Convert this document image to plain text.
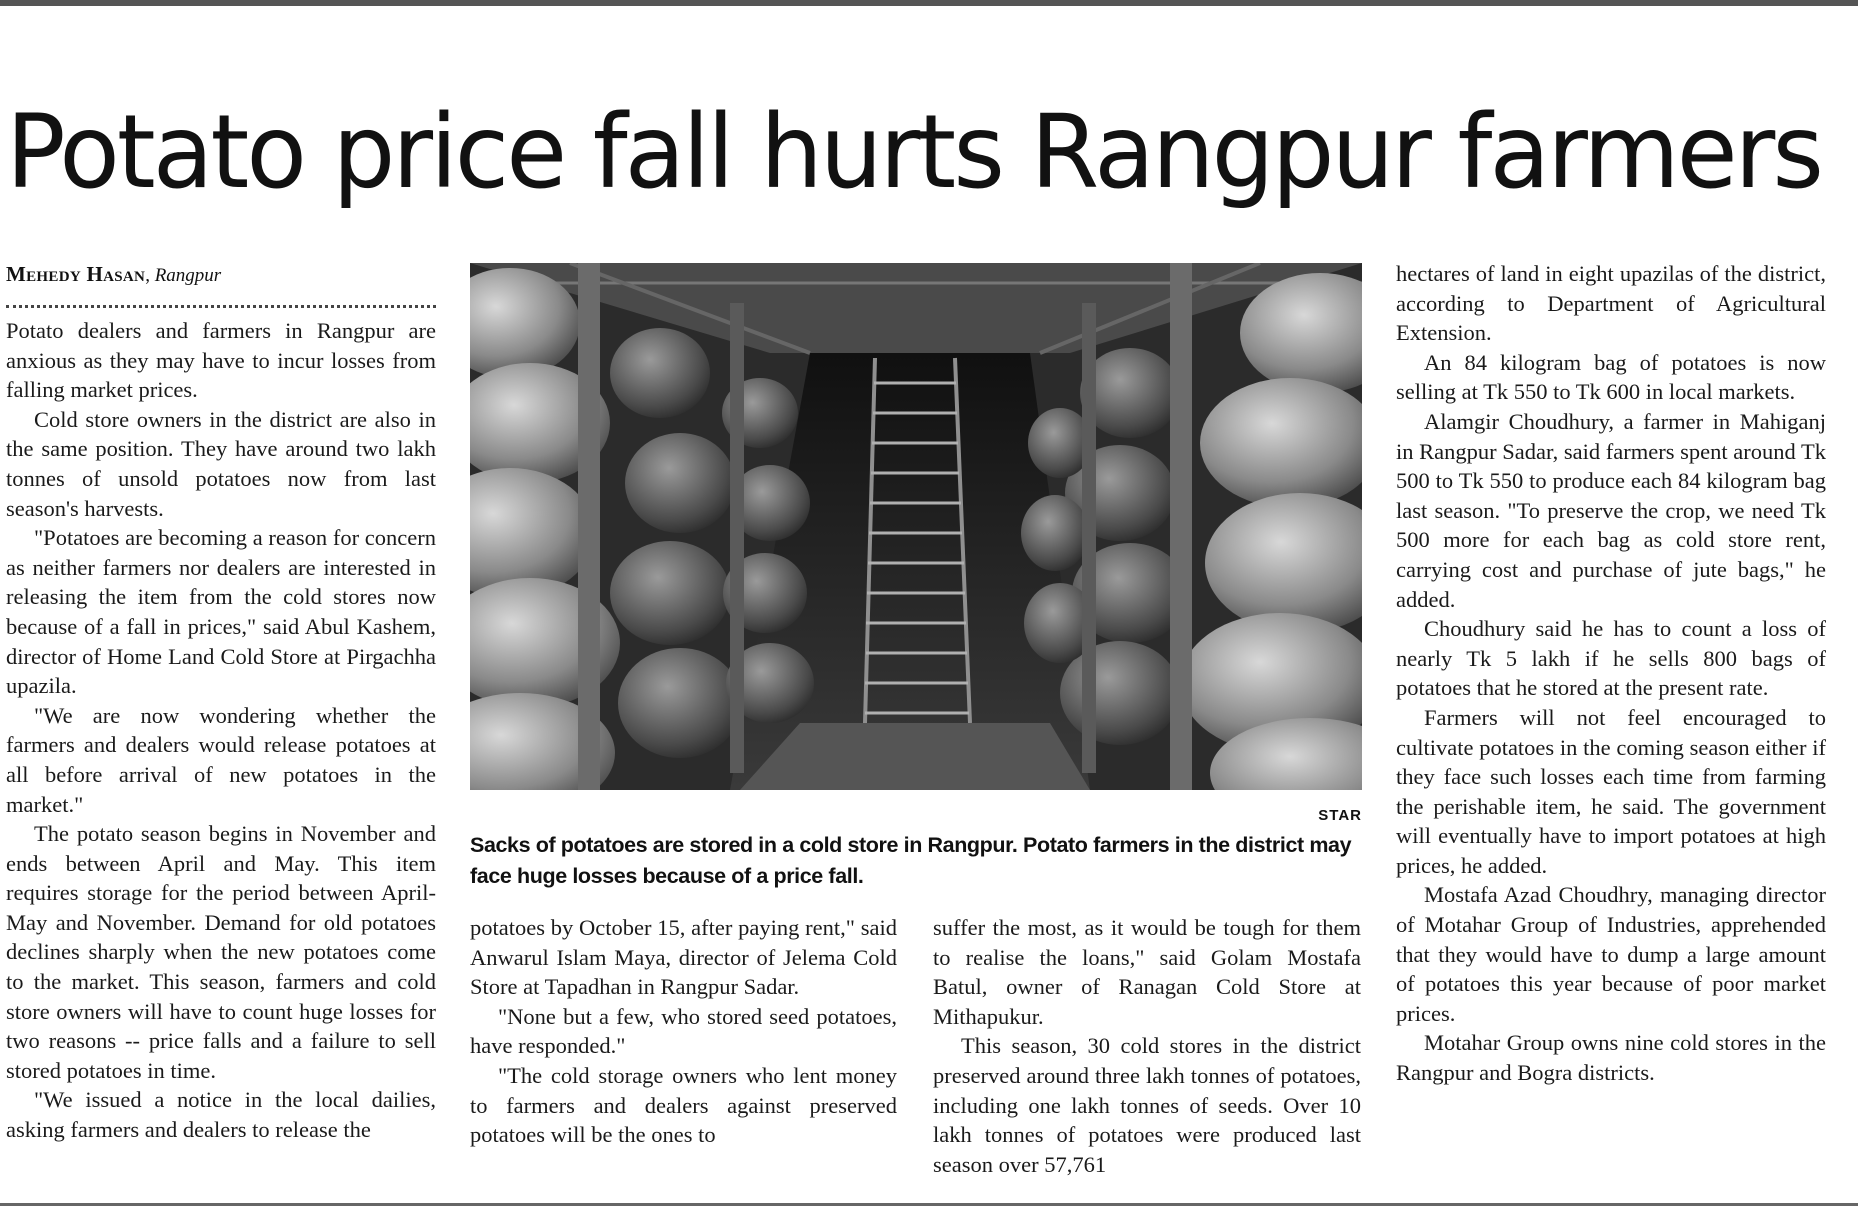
Potato price fall hurts Rangpur farmers
Mehedy Hasan, Rangpur

Potato dealers and farmers in Rangpur are anxious as they may have to incur losses from falling market prices.

Cold store owners in the district are also in the same position. They have around two lakh tonnes of unsold potatoes now from last season's harvests.

"Potatoes are becoming a reason for concern as neither farmers nor dealers are interested in releasing the item from the cold stores now because of a fall in prices," said Abul Kashem, director of Home Land Cold Store at Pirgachha upazila.

"We are now wondering whether the farmers and dealers would release potatoes at all before arrival of new potatoes in the market."

The potato season begins in November and ends between April and May. This item requires storage for the period between April-May and November. Demand for old potatoes declines sharply when the new potatoes come to the market. This season, farmers and cold store owners will have to count huge losses for two reasons -- price falls and a failure to sell stored potatoes in time.

"We issued a notice in the local dailies, asking farmers and dealers to release the

STAR
Sacks of potatoes are stored in a cold store in Rangpur. Potato farmers in the district may face huge losses because of a price fall.

potatoes by October 15, after paying rent," said Anwarul Islam Maya, director of Jelema Cold Store at Tapadhan in Rangpur Sadar.

"None but a few, who stored seed potatoes, have responded."

"The cold storage owners who lent money to farmers and dealers against preserved potatoes will be the ones to

suffer the most, as it would be tough for them to realise the loans," said Golam Mostafa Batul, owner of Ranagan Cold Store at Mithapukur.

This season, 30 cold stores in the district preserved around three lakh tonnes of potatoes, including one lakh tonnes of seeds. Over 10 lakh tonnes of potatoes were produced last season over 57,761

hectares of land in eight upazilas of the district, according to Department of Agricultural Extension.

An 84 kilogram bag of potatoes is now selling at Tk 550 to Tk 600 in local markets.

Alamgir Choudhury, a farmer in Mahiganj in Rangpur Sadar, said farmers spent around Tk 500 to Tk 550 to produce each 84 kilogram bag last season. "To preserve the crop, we need Tk 500 more for each bag as cold store rent, carrying cost and purchase of jute bags," he added.

Choudhury said he has to count a loss of nearly Tk 5 lakh if he sells 800 bags of potatoes that he stored at the present rate.

Farmers will not feel encouraged to cultivate potatoes in the coming season either if they face such losses each time from farming the perishable item, he said. The government will eventually have to import potatoes at high prices, he added.

Mostafa Azad Choudhry, managing director of Motahar Group of Industries, apprehended that they would have to dump a large amount of potatoes this year because of poor market prices.

Motahar Group owns nine cold stores in the Rangpur and Bogra districts.
